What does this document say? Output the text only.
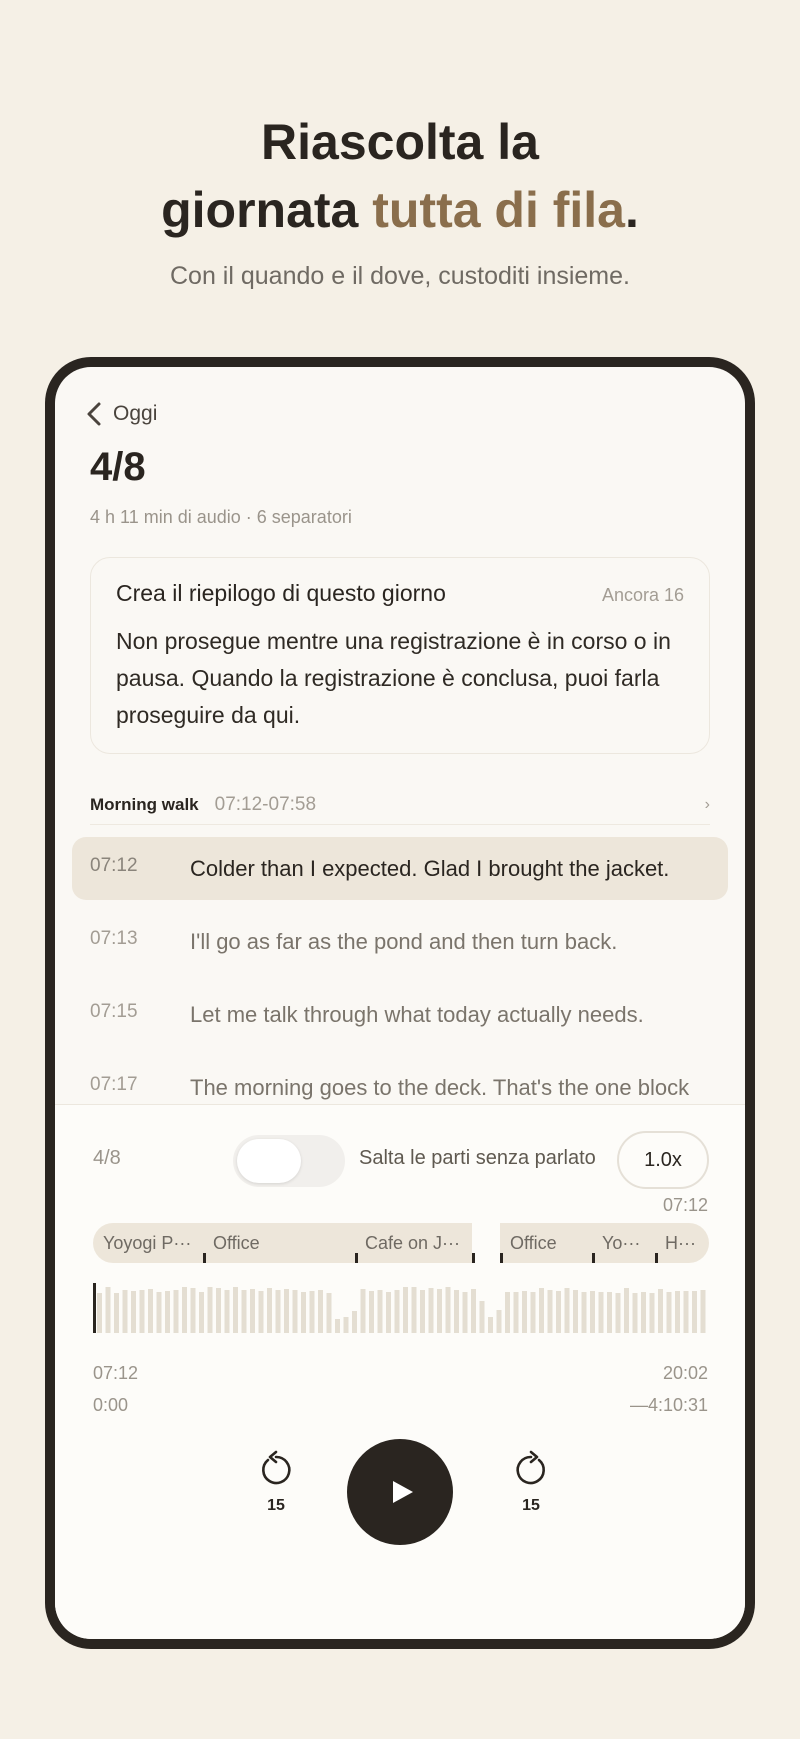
Riascolta la
giornata tutta di fila.
Con il quando e il dove, custoditi insieme.
Oggi
4/8
4 h 11 min di audio · 6 separatori
Crea il riepilogo di questo giorno	Ancora 16
Non prosegue mentre una registrazione è in corso o in pausa. Quando la registrazione è conclusa, puoi farla proseguire da qui.
Morning walk 07:12-07:58	›
07:12	Colder than I expected. Glad I brought the jacket.
07:13	I'll go as far as the pond and then turn back.
07:15	Let me talk through what today actually needs.
07:17	The morning goes to the deck. That's the one block
4/8	Salta le parti senza parlato	1.0x
07:12
Yoyogi P···	Office	Cafe on J···	Office	Yo···	H···
07:12	20:02
0:00	—4:10:31
15	15
